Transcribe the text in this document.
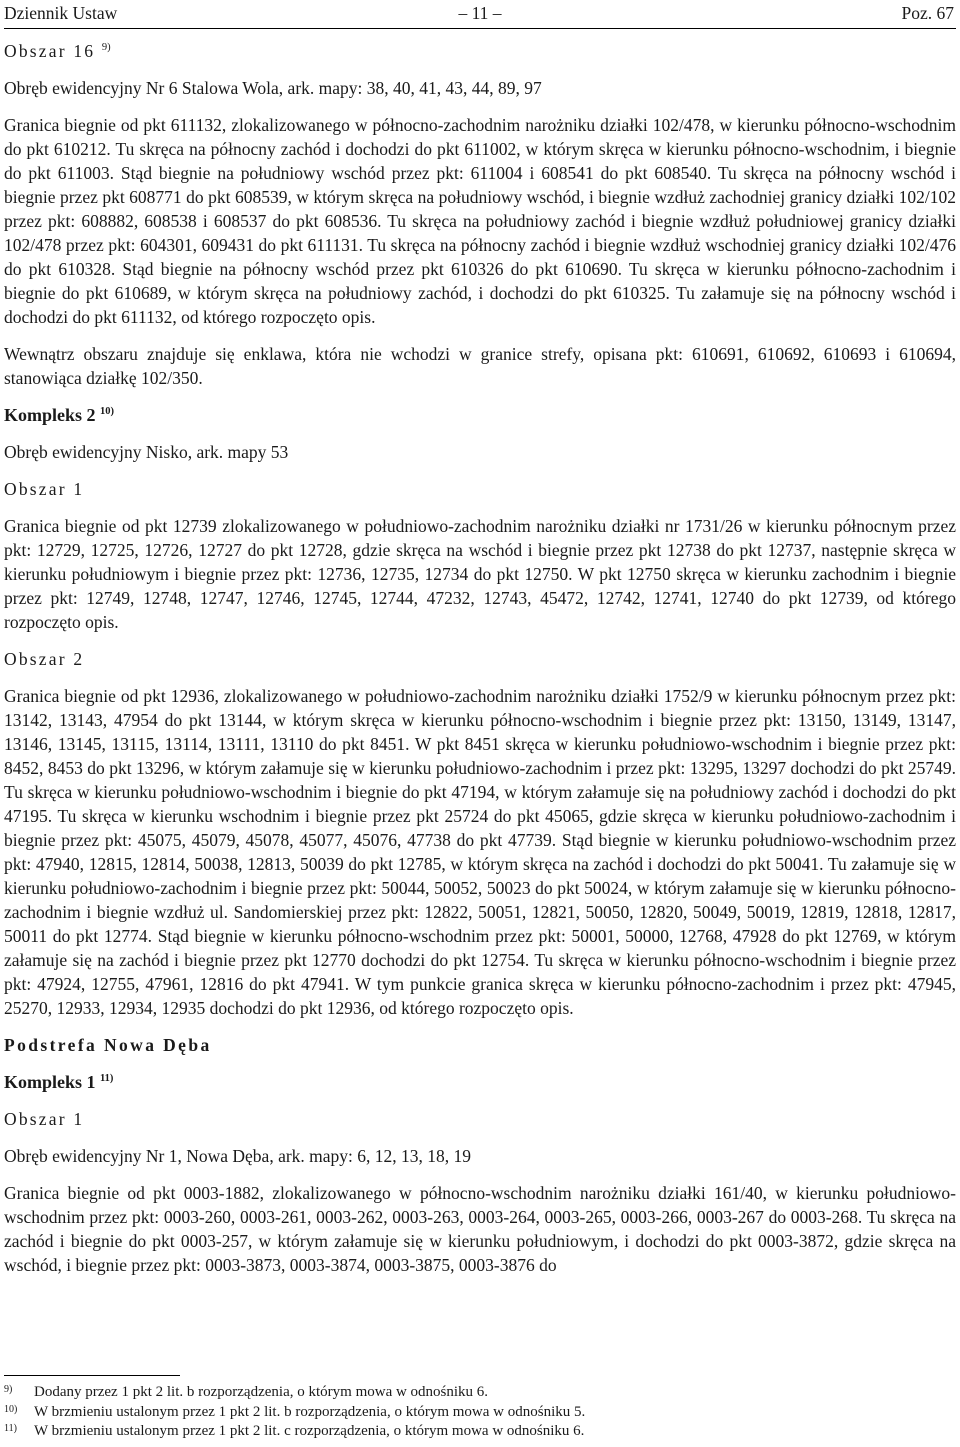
Dziennik Ustaw	– 11 –	Poz. 67
Obszar 16 $^{9)}$

Obręb ewidencyjny Nr 6 Stalowa Wola, ark. mapy: 38, 40, 41, 43, 44, 89, 97

Granica biegnie od pkt 611132, zlokalizowanego w północno-zachodnim narożniku działki 102/478, w kierunku północno-wschodnim do pkt 610212. Tu skręca na północny zachód i dochodzi do pkt 611002, w którym skręca w kierunku północno-wschodnim, i biegnie do pkt 611003. Stąd biegnie na południowy wschód przez pkt: 611004 i 608541 do pkt 608540. Tu skręca na północny wschód i biegnie przez pkt 608771 do pkt 608539, w którym skręca na południowy wschód, i biegnie wzdłuż zachodniej granicy działki 102/102 przez pkt: 608882, 608538 i 608537 do pkt 608536. Tu skręca na południowy zachód i biegnie wzdłuż południowej granicy działki 102/478 przez pkt: 604301, 609431 do pkt 611131. Tu skręca na północny zachód i biegnie wzdłuż wschodniej granicy działki 102/476 do pkt 610328. Stąd biegnie na północny wschód przez pkt 610326 do pkt 610690. Tu skręca w kierunku północno-zachodnim i biegnie do pkt 610689, w którym skręca na południowy zachód, i dochodzi do pkt 610325. Tu załamuje się na północny wschód i dochodzi do pkt 611132, od którego rozpoczęto opis.

Wewnątrz obszaru znajduje się enklawa, która nie wchodzi w granice strefy, opisana pkt: 610691, 610692, 610693 i 610694, stanowiąca działkę 102/350.

Kompleks 2 $^{10)}$

Obręb ewidencyjny Nisko, ark. mapy 53

Obszar 1

Granica biegnie od pkt 12739 zlokalizowanego w południowo-zachodnim narożniku działki nr 1731/26 w kierunku północnym przez pkt: 12729, 12725, 12726, 12727 do pkt 12728, gdzie skręca na wschód i biegnie przez pkt 12738 do pkt 12737, następnie skręca w kierunku południowym i biegnie przez pkt: 12736, 12735, 12734 do pkt 12750. W pkt 12750 skręca w kierunku zachodnim i biegnie przez pkt: 12749, 12748, 12747, 12746, 12745, 12744, 47232, 12743, 45472, 12742, 12741, 12740 do pkt 12739, od którego rozpoczęto opis.

Obszar 2

Granica biegnie od pkt 12936, zlokalizowanego w południowo-zachodnim narożniku działki 1752/9 w kierunku północnym przez pkt: 13142, 13143, 47954 do pkt 13144, w którym skręca w kierunku północno-wschodnim i biegnie przez pkt: 13150, 13149, 13147, 13146, 13145, 13115, 13114, 13111, 13110 do pkt 8451. W pkt 8451 skręca w kierunku południowo-wschodnim i biegnie przez pkt: 8452, 8453 do pkt 13296, w którym załamuje się w kierunku południowo-zachodnim i przez pkt: 13295, 13297 dochodzi do pkt 25749. Tu skręca w kierunku południowo-wschodnim i biegnie do pkt 47194, w którym załamuje się na południowy zachód i dochodzi do pkt 47195. Tu skręca w kierunku wschodnim i biegnie przez pkt 25724 do pkt 45065, gdzie skręca w kierunku południowo-zachodnim i biegnie przez pkt: 45075, 45079, 45078, 45077, 45076, 47738 do pkt 47739. Stąd biegnie w kierunku południowo-wschodnim przez pkt: 47940, 12815, 12814, 50038, 12813, 50039 do pkt 12785, w którym skręca na zachód i dochodzi do pkt 50041. Tu załamuje się w kierunku południowo-zachodnim i biegnie przez pkt: 50044, 50052, 50023 do pkt 50024, w którym załamuje się w kierunku północno-zachodnim i biegnie wzdłuż ul. Sandomierskiej przez pkt: 12822, 50051, 12821, 50050, 12820, 50049, 50019, 12819, 12818, 12817, 50011 do pkt 12774. Stąd biegnie w kierunku północno-wschodnim przez pkt: 50001, 50000, 12768, 47928 do pkt 12769, w którym załamuje się na zachód i biegnie przez pkt 12770 dochodzi do pkt 12754. Tu skręca w kierunku północno-wschodnim i biegnie przez pkt: 47924, 12755, 47961, 12816 do pkt 47941. W tym punkcie granica skręca w kierunku północno-zachodnim i przez pkt: 47945, 25270, 12933, 12934, 12935 dochodzi do pkt 12936, od którego rozpoczęto opis.

Podstrefa Nowa Dęba
Kompleks 1 $^{11)}$
Obszar 1

Obręb ewidencyjny Nr 1, Nowa Dęba, ark. mapy: 6, 12, 13, 18, 19

Granica biegnie od pkt 0003-1882, zlokalizowanego w północno-wschodnim narożniku działki 161/40, w kierunku południowo-wschodnim przez pkt: 0003-260, 0003-261, 0003-262, 0003-263, 0003-264, 0003-265, 0003-266, 0003-267 do 0003-268. Tu skręca na zachód i biegnie do pkt 0003-257, w którym załamuje się w kierunku południowym, i dochodzi do pkt 0003-3872, gdzie skręca na wschód, i biegnie przez pkt: 0003-3873, 0003-3874, 0003-3875, 0003-3876 do

9) Dodany przez 1 pkt 2 lit. b rozporządzenia, o którym mowa w odnośniku 6.
10) W brzmieniu ustalonym przez 1 pkt 2 lit. b rozporządzenia, o którym mowa w odnośniku 5.
11) W brzmieniu ustalonym przez 1 pkt 2 lit. c rozporządzenia, o którym mowa w odnośniku 6.
